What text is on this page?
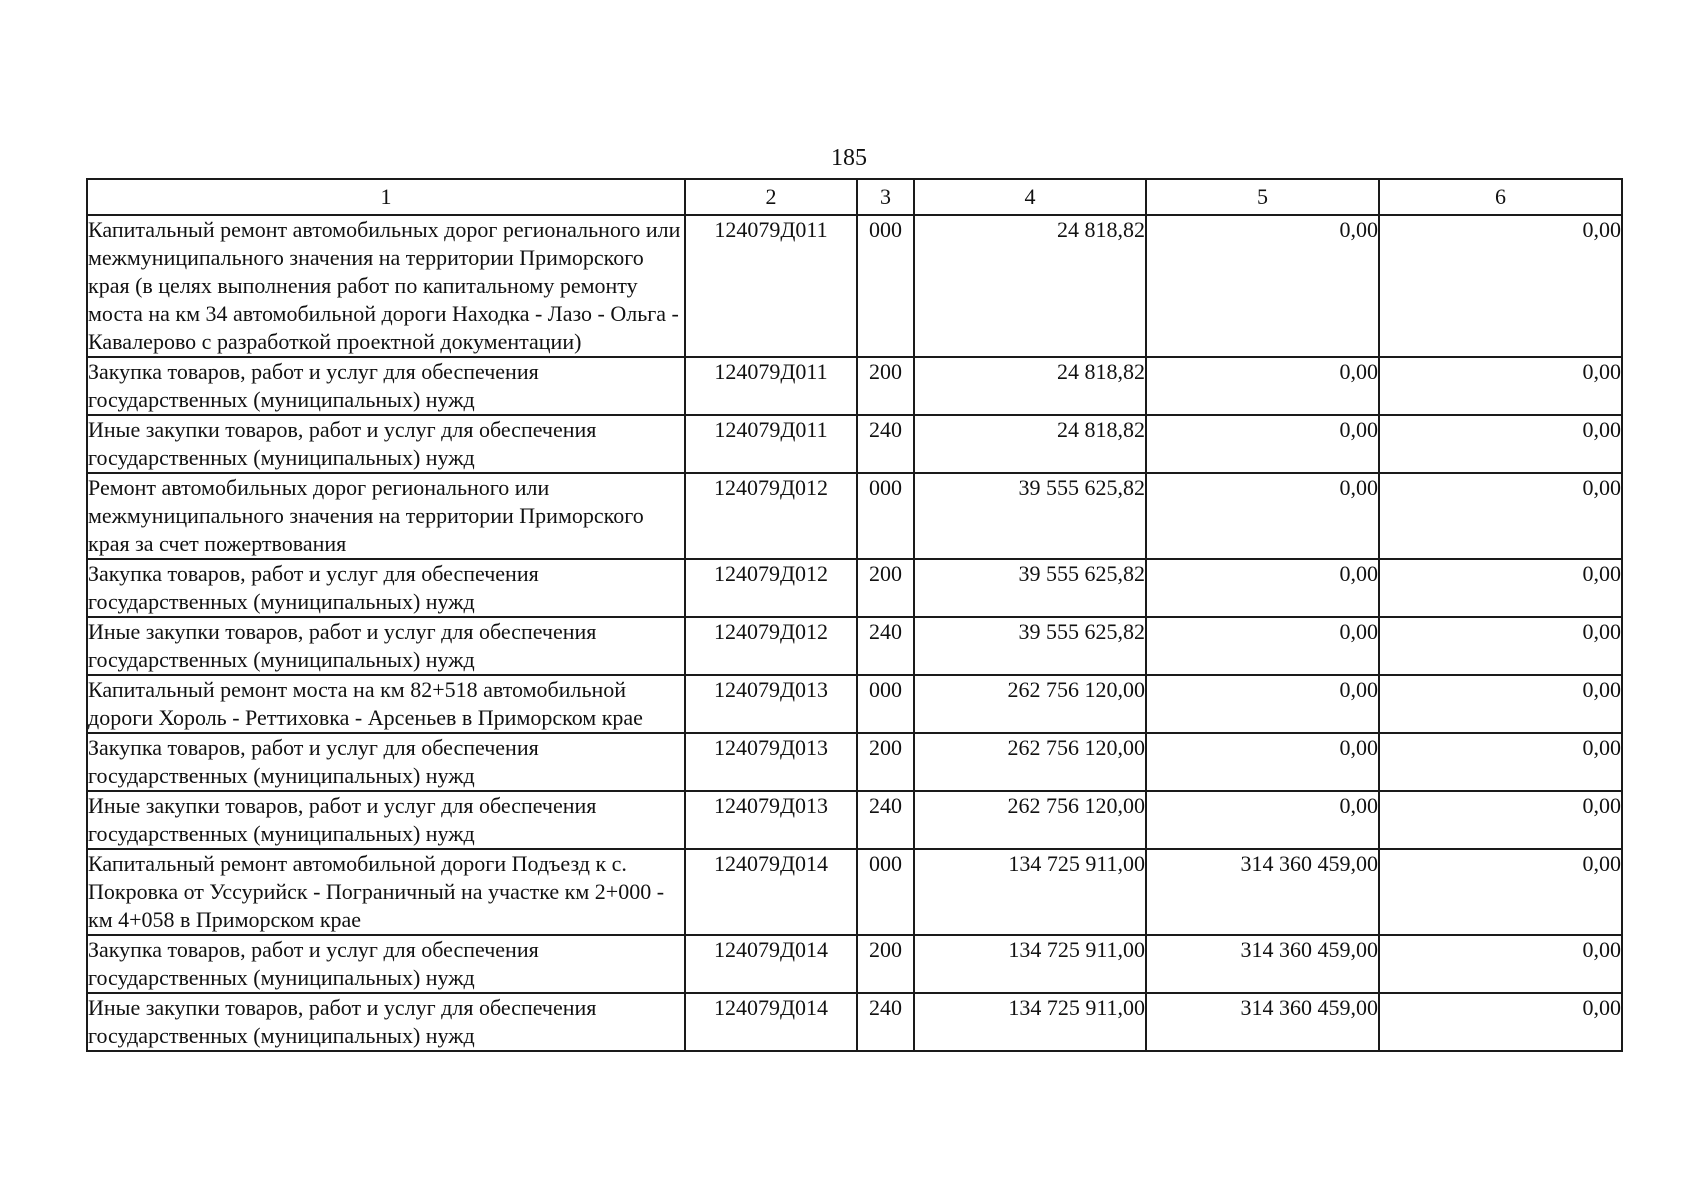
185
1	2	3	4	5	6
Капитальный ремонт автомобильных дорог регионального или межмуниципального значения на территории Приморского края (в целях выполнения работ по капитальному ремонту моста на км 34 автомобильной дороги Находка - Лазо - Ольга - Кавалерово с разработкой проектной документации)	124079Д011	000	24 818,82	0,00	0,00
Закупка товаров, работ и услуг для обеспечения государственных (муниципальных) нужд	124079Д011	200	24 818,82	0,00	0,00
Иные закупки товаров, работ и услуг для обеспечения государственных (муниципальных) нужд	124079Д011	240	24 818,82	0,00	0,00
Ремонт автомобильных дорог регионального или межмуниципального значения на территории Приморского края за счет пожертвования	124079Д012	000	39 555 625,82	0,00	0,00
Закупка товаров, работ и услуг для обеспечения государственных (муниципальных) нужд	124079Д012	200	39 555 625,82	0,00	0,00
Иные закупки товаров, работ и услуг для обеспечения государственных (муниципальных) нужд	124079Д012	240	39 555 625,82	0,00	0,00
Капитальный ремонт моста на км 82+518 автомобильной дороги Хороль - Реттиховка - Арсеньев в Приморском крае	124079Д013	000	262 756 120,00	0,00	0,00
Закупка товаров, работ и услуг для обеспечения государственных (муниципальных) нужд	124079Д013	200	262 756 120,00	0,00	0,00
Иные закупки товаров, работ и услуг для обеспечения государственных (муниципальных) нужд	124079Д013	240	262 756 120,00	0,00	0,00
Капитальный ремонт автомобильной дороги Подъезд к с. Покровка от Уссурийск - Пограничный на участке км 2+000 - км 4+058 в Приморском крае	124079Д014	000	134 725 911,00	314 360 459,00	0,00
Закупка товаров, работ и услуг для обеспечения государственных (муниципальных) нужд	124079Д014	200	134 725 911,00	314 360 459,00	0,00
Иные закупки товаров, работ и услуг для обеспечения государственных (муниципальных) нужд	124079Д014	240	134 725 911,00	314 360 459,00	0,00
